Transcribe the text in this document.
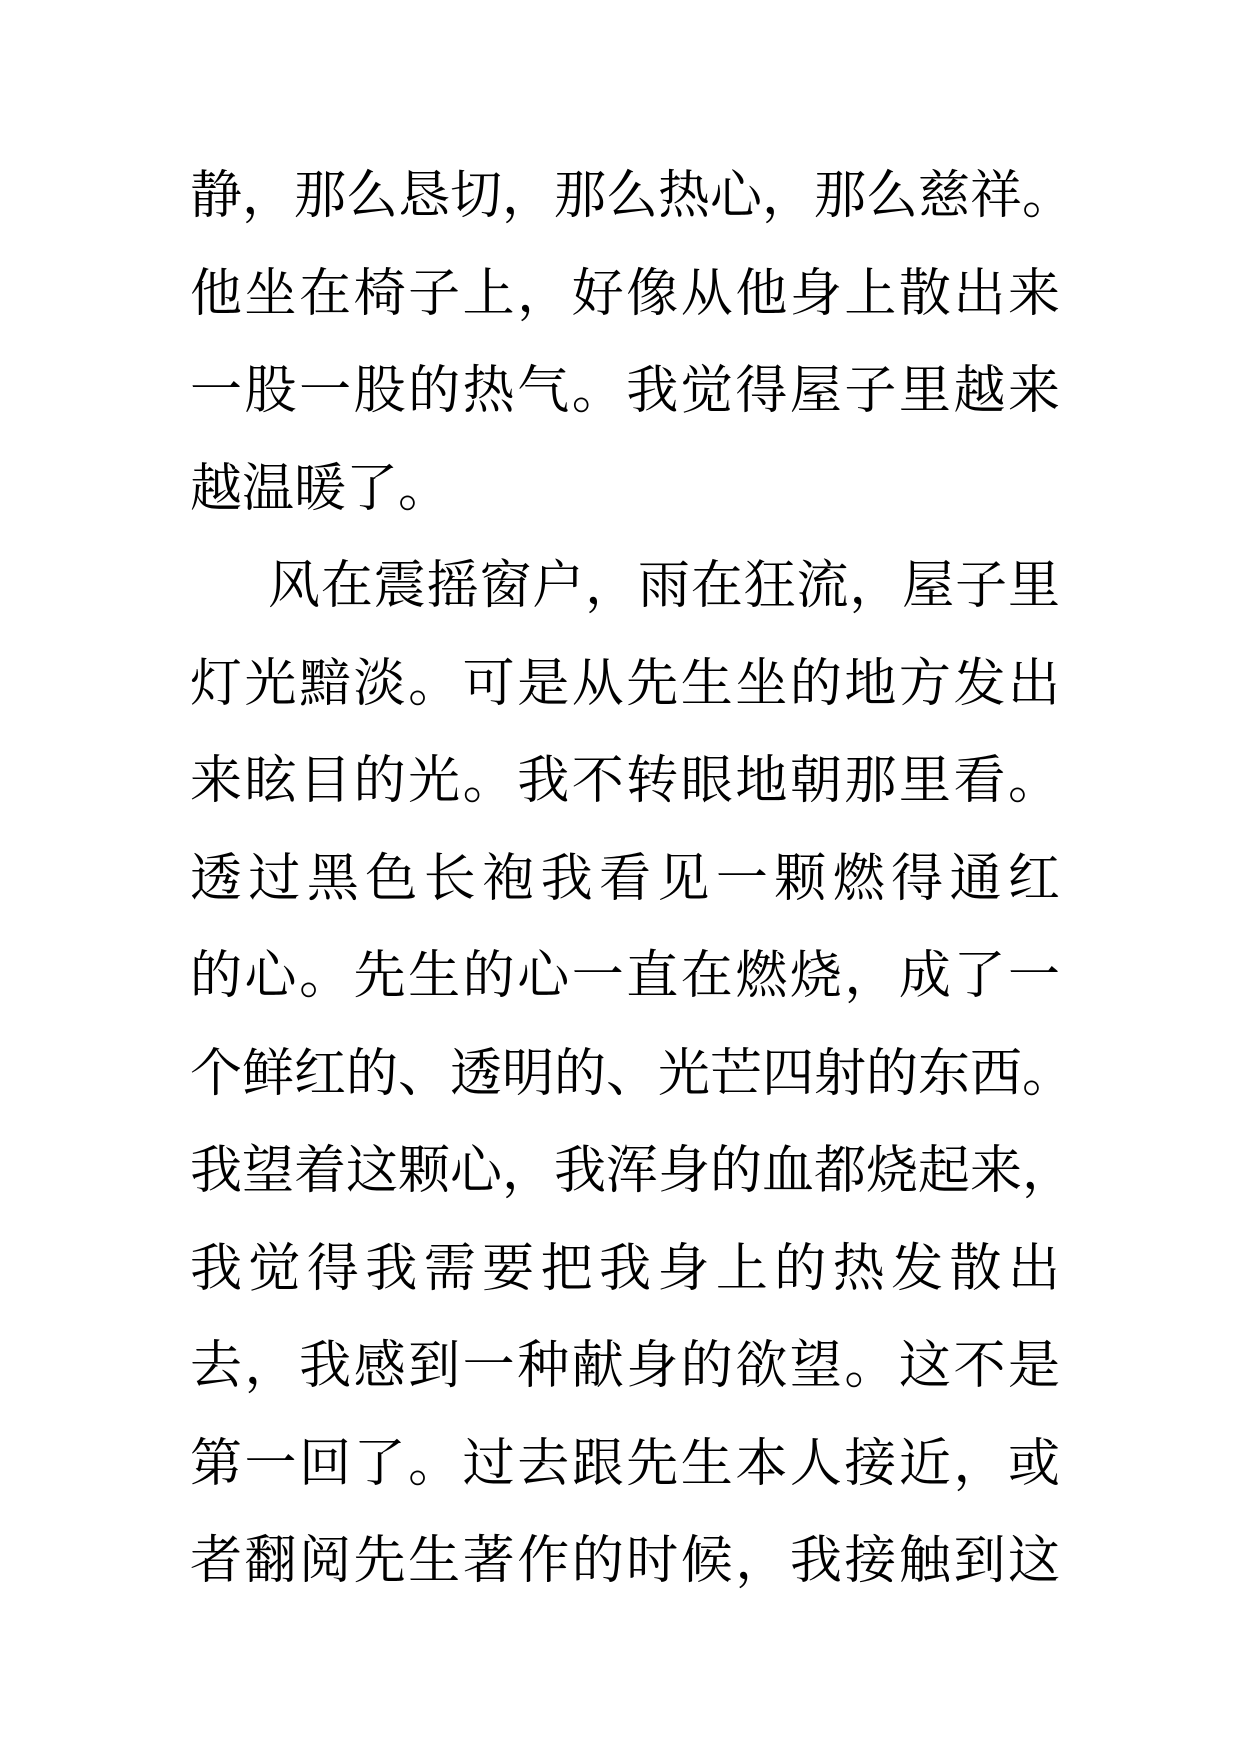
静，那么恳切，那么热心，那么慈祥。
他坐在椅子上，好像从他身上散出来
一股一股的热气。我觉得屋子里越来
越温暖了。
风在震摇窗户，雨在狂流，屋子里
灯光黯淡。可是从先生坐的地方发出
来眩目的光。我不转眼地朝那里看。
透过黑色长袍我看见一颗燃得通红
的心。先生的心一直在燃烧，成了一
个鲜红的、透明的、光芒四射的东西。
我望着这颗心，我浑身的血都烧起来，
我觉得我需要把我身上的热发散出
去，我感到一种献身的欲望。这不是
第一回了。过去跟先生本人接近，或
者翻阅先生著作的时候，我接触到这
